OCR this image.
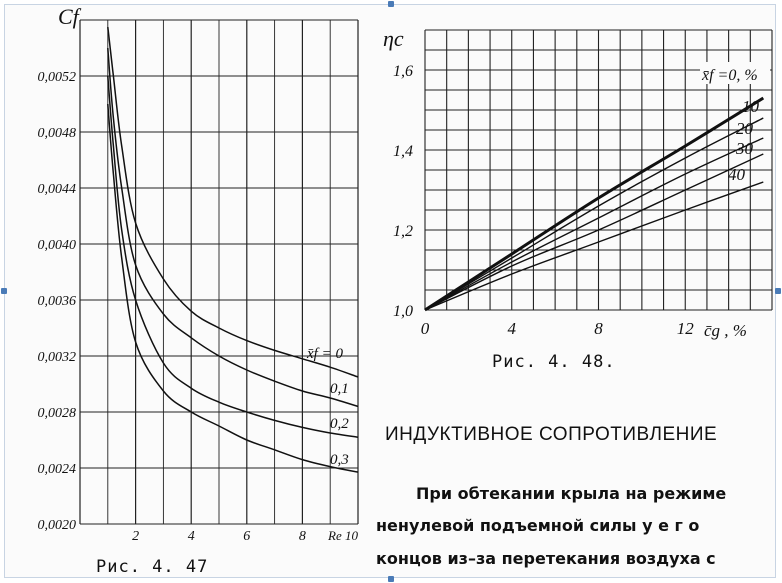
0,0020
0,0024
0,0028
0,0032
0,0036
0,0040
0,0044
0,0048
0,0052
2	4	6	8 Re 10
Cf
x̄f = 0
0,1
0,2
0,3
1,0
1,2
1,4
1,6
0	4	8	12 c̄g , %
ηc
x̄f =0, %
10
20
30
40
Рис. 4. 47
Рис. 4. 48.
ИНДУКТИВНОЕ СОПРОТИВЛЕНИЕ
При обтекании крыла на режиме
ненулевой подъемной силы у е г о
концов из–за перетекания воздуха с
